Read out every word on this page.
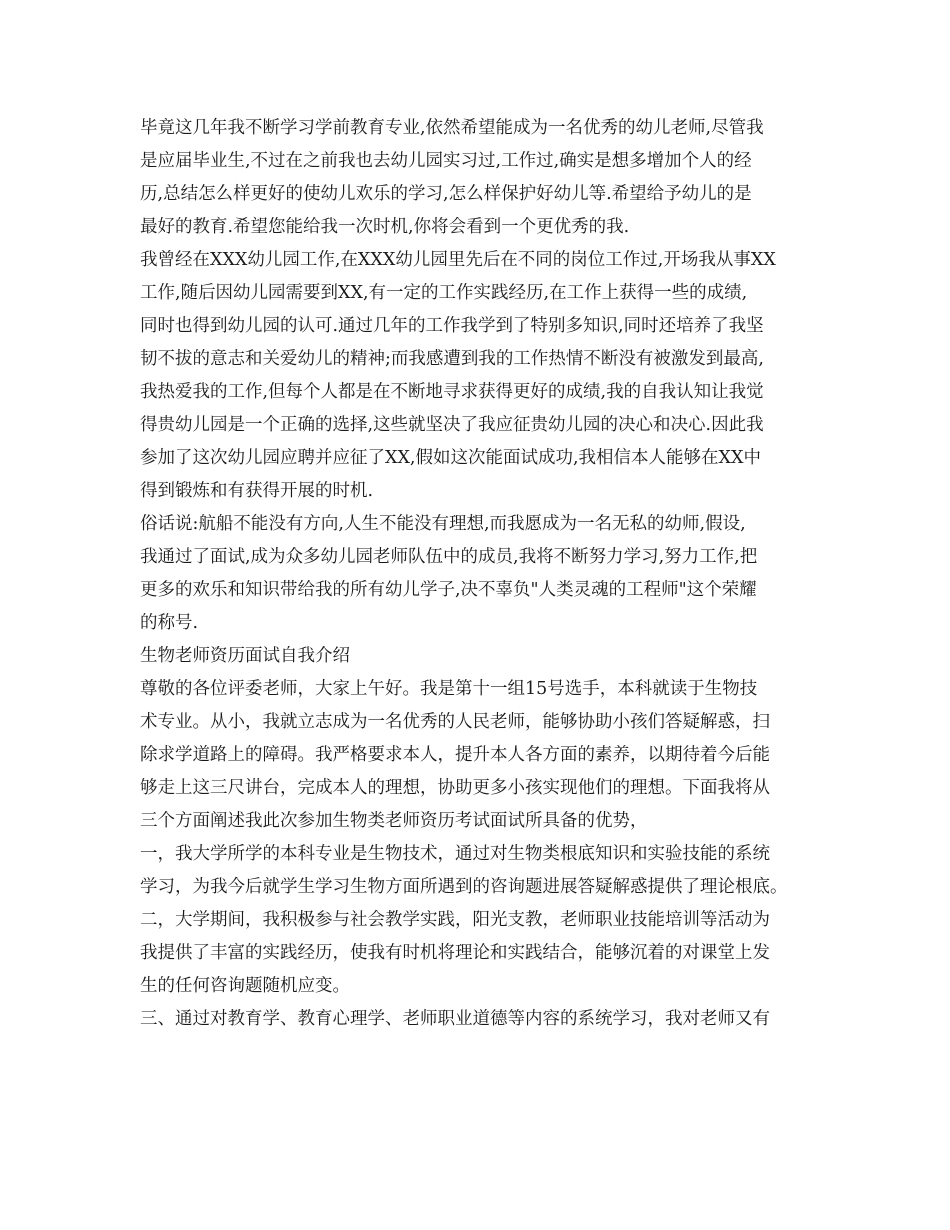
毕竟这几年我不断学习学前教育专业,依然希望能成为一名优秀的幼儿老师,尽管我
是应届毕业生,不过在之前我也去幼儿园实习过,工作过,确实是想多增加个人的经
历,总结怎么样更好的使幼儿欢乐的学习,怎么样保护好幼儿等.希望给予幼儿的是
最好的教育.希望您能给我一次时机,你将会看到一个更优秀的我.
我曾经在XXX幼儿园工作,在XXX幼儿园里先后在不同的岗位工作过,开场我从事XX
工作,随后因幼儿园需要到XX,有一定的工作实践经历,在工作上获得一些的成绩,
同时也得到幼儿园的认可.通过几年的工作我学到了特别多知识,同时还培养了我坚
韧不拔的意志和关爱幼儿的精神;而我感遭到我的工作热情不断没有被激发到最高,
我热爱我的工作,但每个人都是在不断地寻求获得更好的成绩,我的自我认知让我觉
得贵幼儿园是一个正确的选择,这些就坚决了我应征贵幼儿园的决心和决心.因此我
参加了这次幼儿园应聘并应征了XX,假如这次能面试成功,我相信本人能够在XX中
得到锻炼和有获得开展的时机.
俗话说:航船不能没有方向,人生不能没有理想,而我愿成为一名无私的幼师,假设,
我通过了面试,成为众多幼儿园老师队伍中的成员,我将不断努力学习,努力工作,把
更多的欢乐和知识带给我的所有幼儿学子,决不辜负"人类灵魂的工程师"这个荣耀
的称号.
生物老师资历面试自我介绍
尊敬的各位评委老师，大家上午好。我是第十一组15号选手，本科就读于生物技
术专业。从小，我就立志成为一名优秀的人民老师，能够协助小孩们答疑解惑，扫
除求学道路上的障碍。我严格要求本人，提升本人各方面的素养，以期待着今后能
够走上这三尺讲台，完成本人的理想，协助更多小孩实现他们的理想。下面我将从
三个方面阐述我此次参加生物类老师资历考试面试所具备的优势，
一，我大学所学的本科专业是生物技术，通过对生物类根底知识和实验技能的系统
学习，为我今后就学生学习生物方面所遇到的咨询题进展答疑解惑提供了理论根底。
二，大学期间，我积极参与社会教学实践，阳光支教，老师职业技能培训等活动为
我提供了丰富的实践经历，使我有时机将理论和实践结合，能够沉着的对课堂上发
生的任何咨询题随机应变。
三、通过对教育学、教育心理学、老师职业道德等内容的系统学习，我对老师又有
